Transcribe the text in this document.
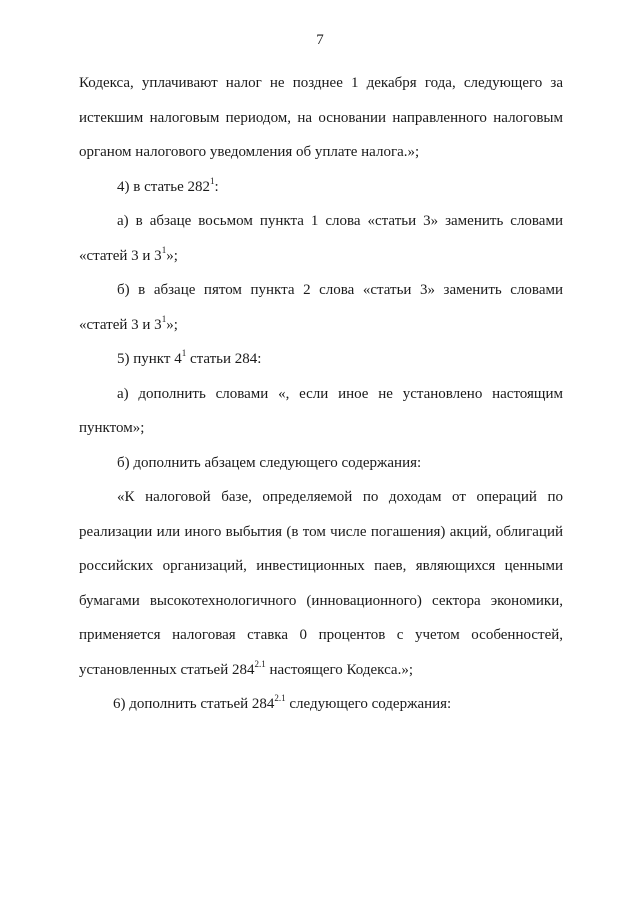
7

Кодекса, уплачивают налог не позднее 1 декабря года, следующего за

истекшим налоговым периодом, на основании направленного налоговым

органом налогового уведомления об уплате налога.»;

4) в статье $282^1$:

а) в абзаце восьмом пункта 1 слова «статьи 3» заменить словами

«статей 3 и $3^1$»;

б) в абзаце пятом пункта 2 слова «статьи 3» заменить словами

«статей 3 и $3^1$»;

5) пункт $4^1$ статьи 284:

а) дополнить словами «, если иное не установлено настоящим

пунктом»;

б) дополнить абзацем следующего содержания:

«К налоговой базе, определяемой по доходам от операций по

реализации или иного выбытия (в том числе погашения) акций, облигаций

российских организаций, инвестиционных паев, являющихся ценными

бумагами высокотехнологичного (инновационного) сектора экономики,

применяется налоговая ставка 0 процентов с учетом особенностей,

установленных статьей $284^{2.1}$ настоящего Кодекса.»;

6) дополнить статьей $284^{2.1}$ следующего содержания:
